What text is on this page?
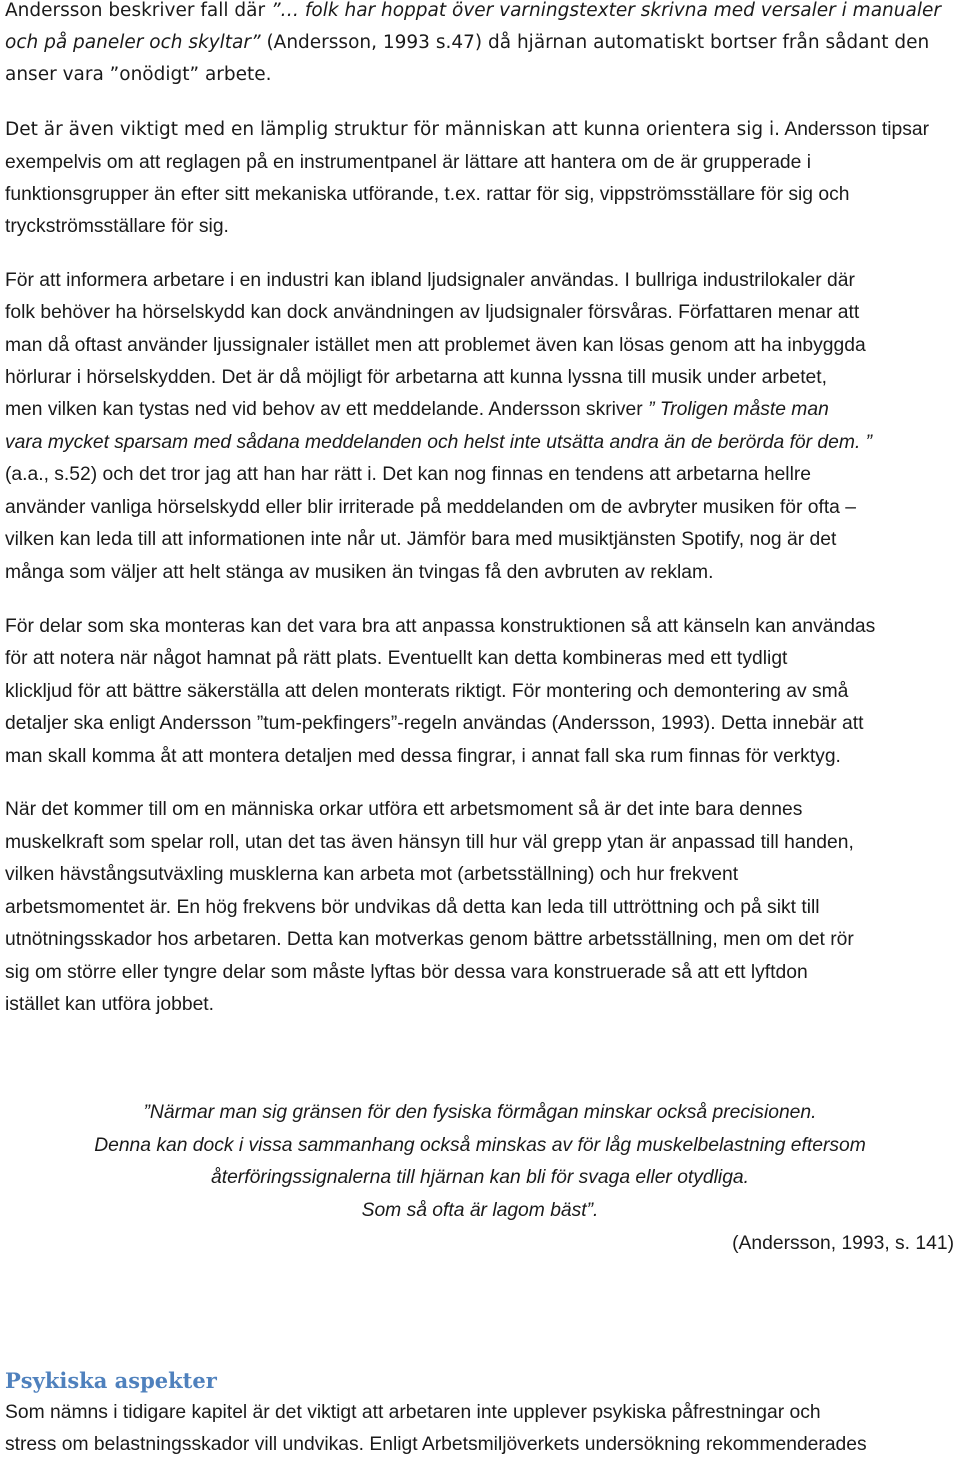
Andersson beskriver fall där ”… folk har hoppat över varningstexter skrivna med versaler i manualer
och på paneler och skyltar” (Andersson, 1993 s.47) då hjärnan automatiskt bortser från sådant den
anser vara ”onödigt” arbete.
Det är även viktigt med en lämplig struktur för människan att kunna orientera sig i. Andersson tipsar
exempelvis om att reglagen på en instrumentpanel är lättare att hantera om de är grupperade i
funktionsgrupper än efter sitt mekaniska utförande, t.ex. rattar för sig, vippströmsställare för sig och
tryckströmsställare för sig.
För att informera arbetare i en industri kan ibland ljudsignaler användas. I bullriga industrilokaler där
folk behöver ha hörselskydd kan dock användningen av ljudsignaler försvåras. Författaren menar att
man då oftast använder ljussignaler istället men att problemet även kan lösas genom att ha inbyggda
hörlurar i hörselskydden. Det är då möjligt för arbetarna att kunna lyssna till musik under arbetet,
men vilken kan tystas ned vid behov av ett meddelande. Andersson skriver ” Troligen måste man
vara mycket sparsam med sådana meddelanden och helst inte utsätta andra än de berörda för dem. ”
(a.a., s.52) och det tror jag att han har rätt i. Det kan nog finnas en tendens att arbetarna hellre
använder vanliga hörselskydd eller blir irriterade på meddelanden om de avbryter musiken för ofta –
vilken kan leda till att informationen inte når ut. Jämför bara med musiktjänsten Spotify, nog är det
många som väljer att helt stänga av musiken än tvingas få den avbruten av reklam.
För delar som ska monteras kan det vara bra att anpassa konstruktionen så att känseln kan användas
för att notera när något hamnat på rätt plats. Eventuellt kan detta kombineras med ett tydligt
klickljud för att bättre säkerställa att delen monterats riktigt. För montering och demontering av små
detaljer ska enligt Andersson ”tum-pekfingers”-regeln användas (Andersson, 1993). Detta innebär att
man skall komma åt att montera detaljen med dessa fingrar, i annat fall ska rum finnas för verktyg.
När det kommer till om en människa orkar utföra ett arbetsmoment så är det inte bara dennes
muskelkraft som spelar roll, utan det tas även hänsyn till hur väl grepp ytan är anpassad till handen,
vilken hävstångsutväxling musklerna kan arbeta mot (arbetsställning) och hur frekvent
arbetsmomentet är. En hög frekvens bör undvikas då detta kan leda till uttröttning och på sikt till
utnötningsskador hos arbetaren. Detta kan motverkas genom bättre arbetsställning, men om det rör
sig om större eller tyngre delar som måste lyftas bör dessa vara konstruerade så att ett lyftdon
istället kan utföra jobbet.
”Närmar man sig gränsen för den fysiska förmågan minskar också precisionen.
Denna kan dock i vissa sammanhang också minskas av för låg muskelbelastning eftersom
återföringssignalerna till hjärnan kan bli för svaga eller otydliga.
Som så ofta är lagom bäst”.
(Andersson, 1993, s. 141)
Psykiska aspekter
Som nämns i tidigare kapitel är det viktigt att arbetaren inte upplever psykiska påfrestningar och
stress om belastningsskador vill undvikas. Enligt Arbetsmiljöverkets undersökning rekommenderades
